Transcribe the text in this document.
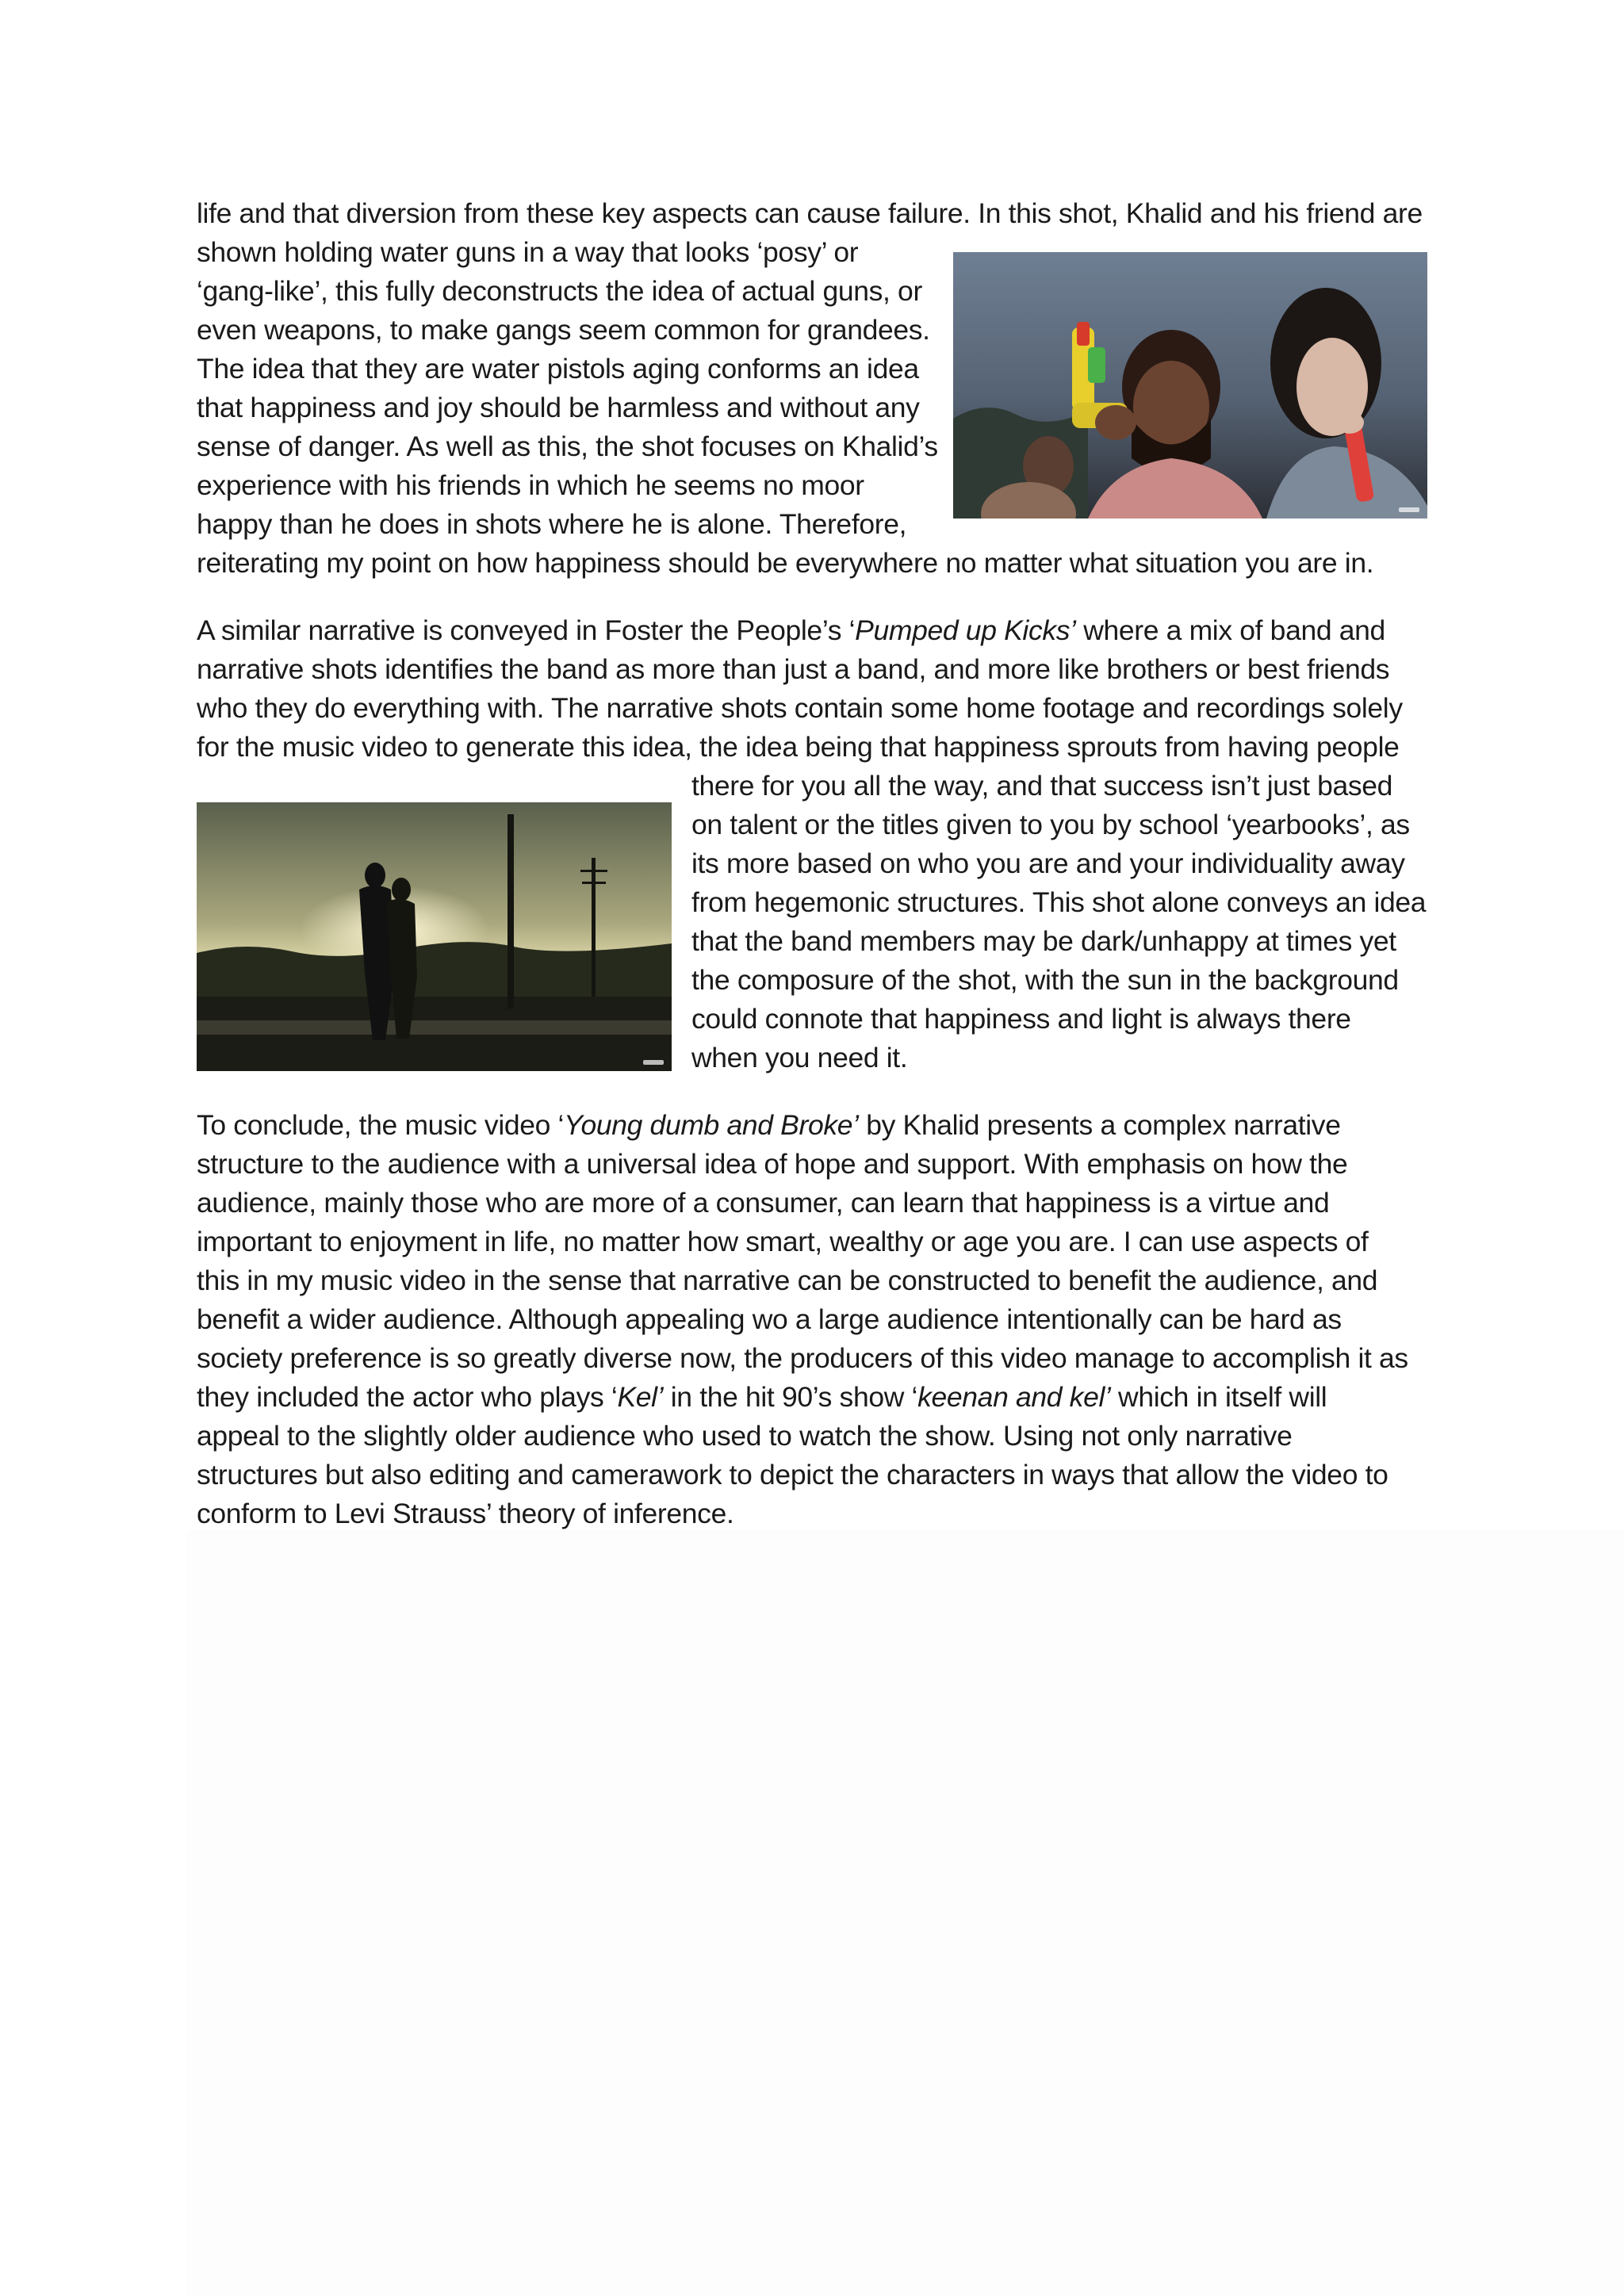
life and that diversion from these key aspects can cause failure. In this shot, Khalid and his friend are
shown holding water guns in a way that looks ‘posy’ or
‘gang-like’, this fully deconstructs the idea of actual guns, or
even weapons, to make gangs seem common for grandees.
The idea that they are water pistols aging conforms an idea
that happiness and joy should be harmless and without any
sense of danger. As well as this, the shot focuses on Khalid’s
experience with his friends in which he seems no moor
happy than he does in shots where he is alone. Therefore,
reiterating my point on how happiness should be everywhere no matter what situation you are in.
A similar narrative is conveyed in Foster the People’s ‘Pumped up Kicks’ where a mix of band and
narrative shots identifies the band as more than just a band, and more like brothers or best friends
who they do everything with. The narrative shots contain some home footage and recordings solely
for the music video to generate this idea, the idea being that happiness sprouts from having people
there for you all the way, and that success isn’t just based
on talent or the titles given to you by school ‘yearbooks’, as
its more based on who you are and your individuality away
from hegemonic structures. This shot alone conveys an idea
that the band members may be dark/unhappy at times yet
the composure of the shot, with the sun in the background
could connote that happiness and light is always there
when you need it.
To conclude, the music video ‘Young dumb and Broke’ by Khalid presents a complex narrative
structure to the audience with a universal idea of hope and support. With emphasis on how the
audience, mainly those who are more of a consumer, can learn that happiness is a virtue and
important to enjoyment in life, no matter how smart, wealthy or age you are. I can use aspects of
this in my music video in the sense that narrative can be constructed to benefit the audience, and
benefit a wider audience. Although appealing wo a large audience intentionally can be hard as
society preference is so greatly diverse now, the producers of this video manage to accomplish it as
they included the actor who plays ‘Kel’ in the hit 90’s show ‘keenan and kel’ which in itself will
appeal to the slightly older audience who used to watch the show. Using not only narrative
structures but also editing and camerawork to depict the characters in ways that allow the video to
conform to Levi Strauss’ theory of inference.
